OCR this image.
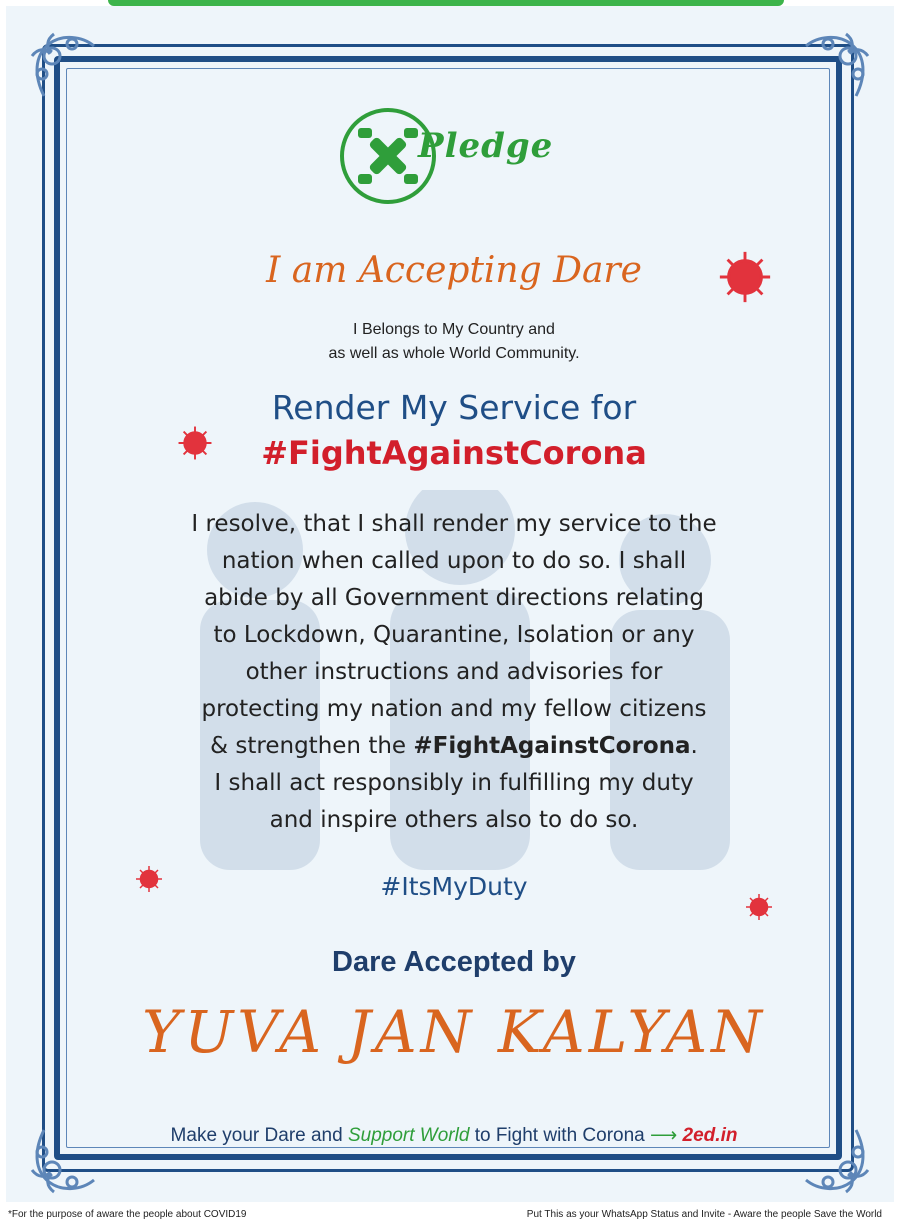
Pledge
I am Accepting Dare
I Belongs to My Country and
as well as whole World Community.
Render My Service for
#FightAgainstCorona
I resolve, that I shall render my service to the
nation when called upon to do so. I shall
abide by all Government directions relating
to Lockdown, Quarantine, Isolation or any
other instructions and advisories for
protecting my nation and my fellow citizens
& strengthen the #FightAgainstCorona.
I shall act responsibly in fulfilling my duty
and inspire others also to do so.
#ItsMyDuty
Dare Accepted by
YUVA JAN KALYAN
Make your Dare and Support World to Fight with Corona ⟶ 2ed.in
*For the purpose of aware the people about COVID19	Put This as your WhatsApp Status and Invite - Aware the people Save the World
